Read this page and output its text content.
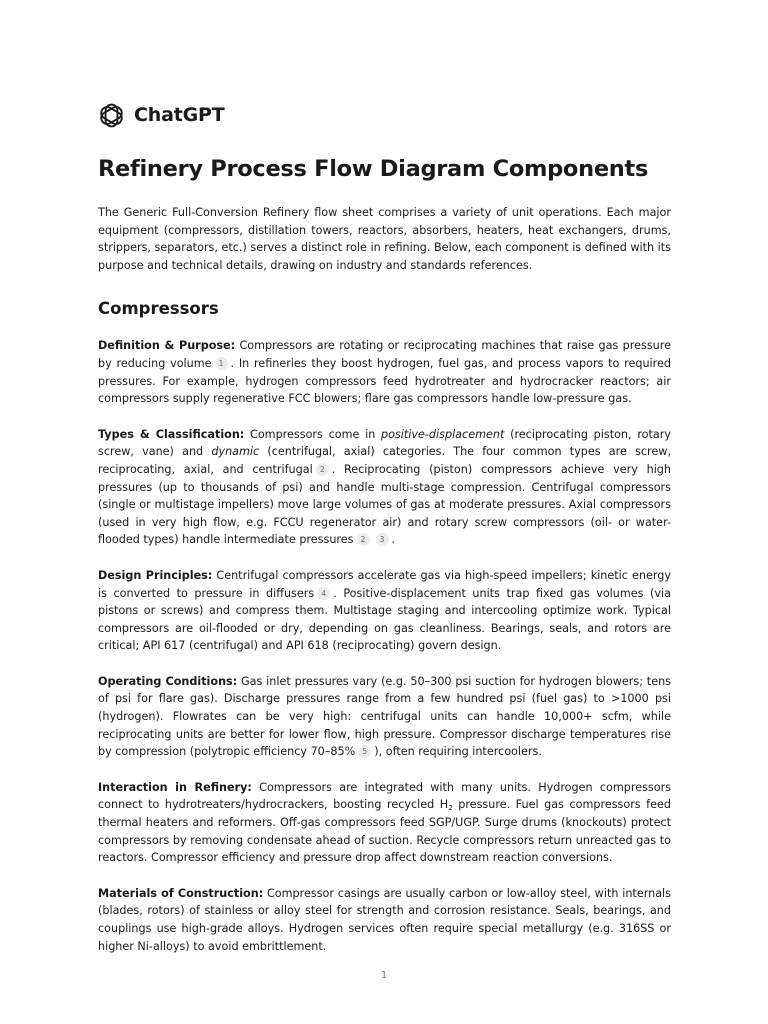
ChatGPT
Refinery Process Flow Diagram Components

The Generic Full-Conversion Refinery flow sheet comprises a variety of unit operations. Each major equipment (compressors, distillation towers, reactors, absorbers, heaters, heat exchangers, drums, strippers, separators, etc.) serves a distinct role in refining. Below, each component is defined with its purpose and technical details, drawing on industry and standards references.

Compressors

Definition & Purpose: Compressors are rotating or reciprocating machines that raise gas pressure by reducing volume 1 . In refineries they boost hydrogen, fuel gas, and process vapors to required pressures. For example, hydrogen compressors feed hydrotreater and hydrocracker reactors; air compressors supply regenerative FCC blowers; flare gas compressors handle low-pressure gas.

Types & Classification: Compressors come in positive-displacement (reciprocating piston, rotary screw, vane) and dynamic (centrifugal, axial) categories. The four common types are screw, reciprocating, axial, and centrifugal 2 . Reciprocating (piston) compressors achieve very high pressures (up to thousands of psi) and handle multi-stage compression. Centrifugal compressors (single or multistage impellers) move large volumes of gas at moderate pressures. Axial compressors (used in very high flow, e.g. FCCU regenerator air) and rotary screw compressors (oil- or water-flooded types) handle intermediate pressures 2 3 .

Design Principles: Centrifugal compressors accelerate gas via high-speed impellers; kinetic energy is converted to pressure in diffusers 4 . Positive-displacement units trap fixed gas volumes (via pistons or screws) and compress them. Multistage staging and intercooling optimize work. Typical compressors are oil-flooded or dry, depending on gas cleanliness. Bearings, seals, and rotors are critical; API 617 (centrifugal) and API 618 (reciprocating) govern design.

Operating Conditions: Gas inlet pressures vary (e.g. 50–300 psi suction for hydrogen blowers; tens of psi for flare gas). Discharge pressures range from a few hundred psi (fuel gas) to >1000 psi (hydrogen). Flowrates can be very high: centrifugal units can handle 10,000+ scfm, while reciprocating units are better for lower flow, high pressure. Compressor discharge temperatures rise by compression (polytropic efficiency 70–85% 5 ), often requiring intercoolers.

Interaction in Refinery: Compressors are integrated with many units. Hydrogen compressors connect to hydrotreaters/hydrocrackers, boosting recycled $H_2$ pressure. Fuel gas compressors feed thermal heaters and reformers. Off-gas compressors feed SGP/UGP. Surge drums (knockouts) protect compressors by removing condensate ahead of suction. Recycle compressors return unreacted gas to reactors. Compressor efficiency and pressure drop affect downstream reaction conversions.

Materials of Construction: Compressor casings are usually carbon or low-alloy steel, with internals (blades, rotors) of stainless or alloy steel for strength and corrosion resistance. Seals, bearings, and couplings use high-grade alloys. Hydrogen services often require special metallurgy (e.g. 316SS or higher Ni-alloys) to avoid embrittlement.

1
